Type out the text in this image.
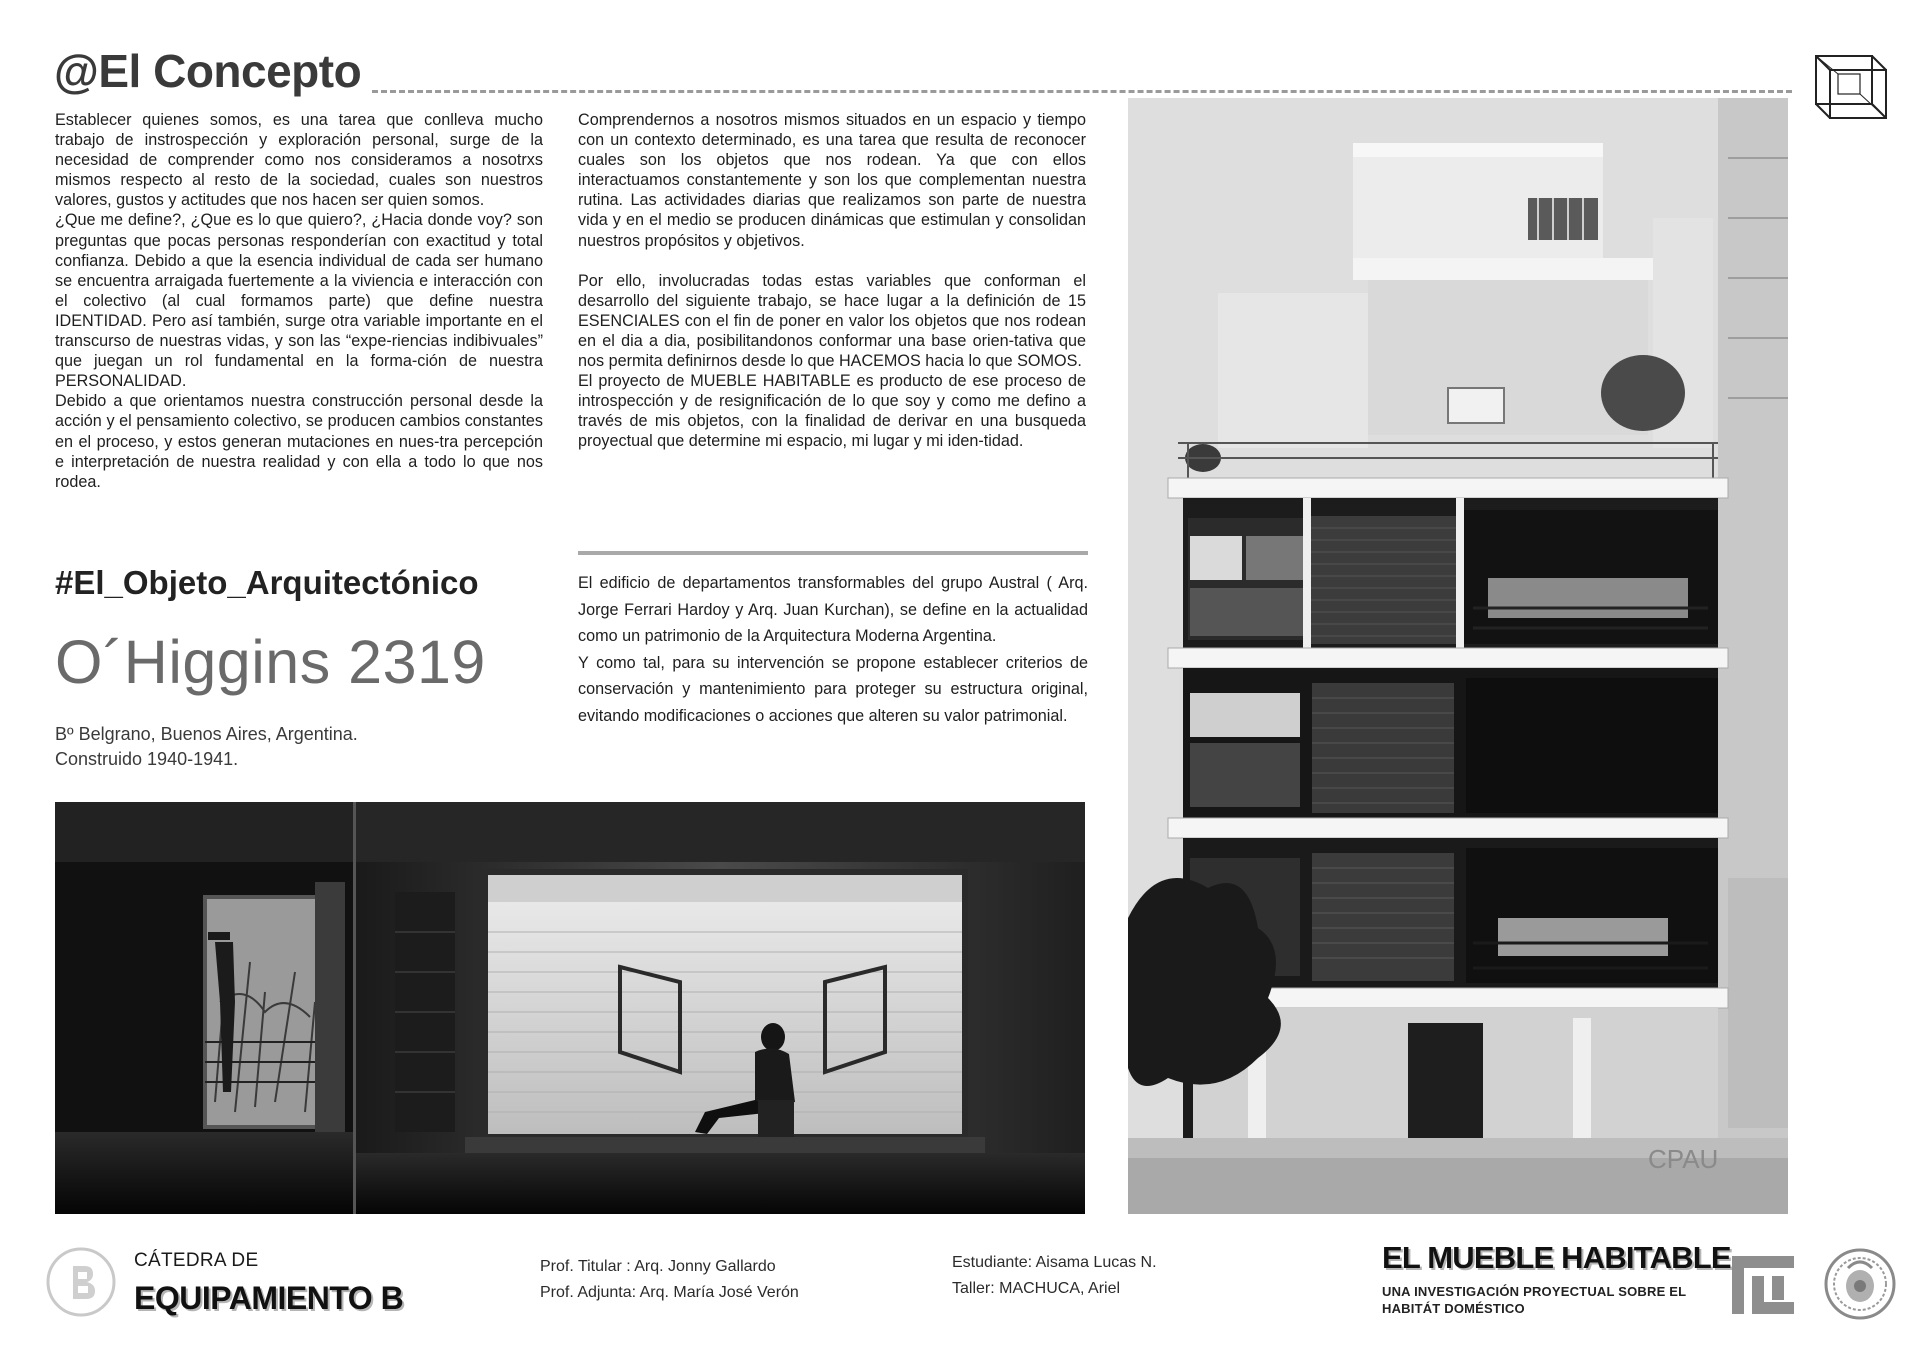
@El Concepto

Establecer quienes somos, es una tarea que conlleva mucho trabajo de instrospección y exploración personal, surge de la necesidad de comprender como nos consideramos a nosotrxs mismos respecto al resto de la sociedad, cuales son nuestros valores, gustos y actitudes que nos hacen ser quien somos.

¿Que me define?, ¿Que es lo que quiero?, ¿Hacia donde voy? son preguntas que pocas personas responderían con exactitud y total confianza. Debido a que la esencia individual de cada ser humano se encuentra arraigada fuertemente a la viviencia e interacción con el colectivo (al cual formamos parte) que define nuestra IDENTIDAD. Pero así también, surge otra variable importante en el transcurso de nuestras vidas, y son las “expe-riencias indibivuales” que juegan un rol fundamental en la forma-ción de nuestra PERSONALIDAD.

Debido a que orientamos nuestra construcción personal desde la acción y el pensamiento colectivo, se producen cambios constantes en el proceso, y estos generan mutaciones en nues-tra percepción e interpretación de nuestra realidad y con ella a todo lo que nos rodea.

Comprendernos a nosotros mismos situados en un espacio y tiempo con un contexto determinado, es una tarea que resulta de reconocer cuales son los objetos que nos rodean. Ya que con ellos interactuamos constantemente y son los que complementan nuestra rutina. Las actividades diarias que realizamos son parte de nuestra vida y en el medio se producen dinámicas que estimulan y consolidan nuestros propósitos y objetivos.

Por ello, involucradas todas estas variables que conforman el desarrollo del siguiente trabajo, se hace lugar a la definición de 15 ESENCIALES con el fin de poner en valor los objetos que nos rodean en el dia a dia, posibilitandonos conformar una base orien-tativa que nos permita definirnos desde lo que HACEMOS hacia lo que SOMOS.

El proyecto de MUEBLE HABITABLE es producto de ese proceso de introspección y de resignificación de lo que soy y como me defino a través de mis objetos, con la finalidad de derivar en una busqueda proyectual que determine mi espacio, mi lugar y mi iden-tidad.

El edificio de departamentos transformables del grupo Austral ( Arq. Jorge Ferrari Hardoy y Arq. Juan Kurchan), se define en la actualidad como un patrimonio de la Arquitectura Moderna Argentina.

Y como tal, para su intervención se propone establecer criterios de conservación y mantenimiento para proteger su estructura original, evitando modificaciones o acciones que alteren su valor patrimonial.

#El_Objeto_Arquitectónico
O´Higgins 2319
Bº Belgrano, Buenos Aires, Argentina.
Construido 1940-1941.
CPAU
CÁTEDRA DE
EQUIPAMIENTO B
Prof. Titular : Arq. Jonny Gallardo
Prof. Adjunta: Arq. María José Verón
Estudiante: Aisama Lucas N.
Taller: MACHUCA, Ariel
EL MUEBLE HABITABLE
UNA INVESTIGACIÓN PROYECTUAL SOBRE EL
HABITÁT DOMÉSTICO
